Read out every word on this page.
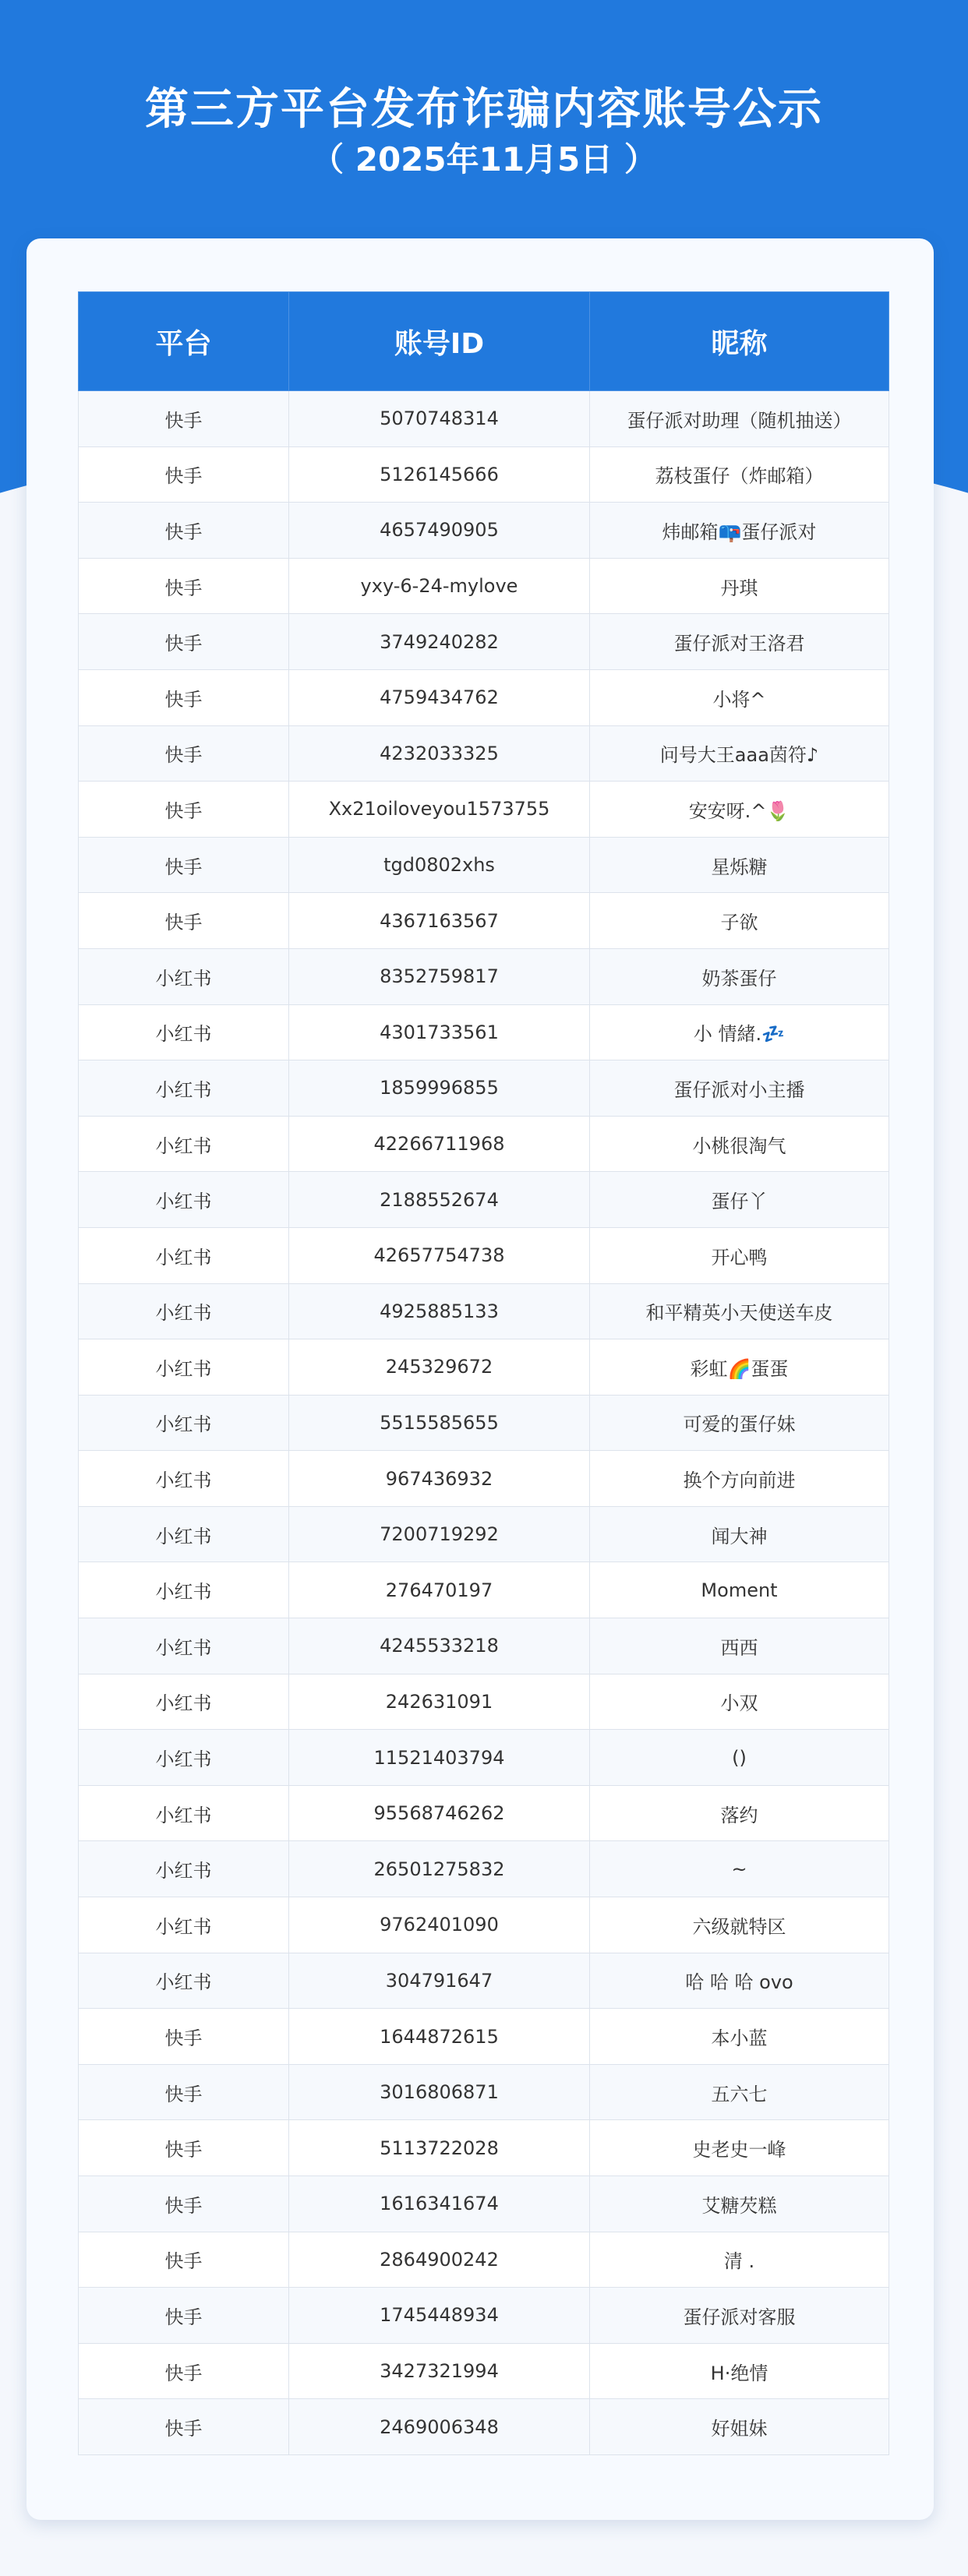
第三方平台发布诈骗内容账号公示
（ 2025年11月5日 ）
平台	账号ID	昵称
快手	5070748314	蛋仔派对助理（随机抽送）
快手	5126145666	荔枝蛋仔（炸邮箱）
快手	4657490905	炜邮箱📪蛋仔派对
快手	yxy-6-24-mylove	丹琪
快手	3749240282	蛋仔派对王洛君
快手	4759434762	小将^
快手	4232033325	问号大王aaa茵符♪
快手	Xx21oiloveyou1573755	安安呀.^🌷
快手	tgd0802xhs	星烁糖
快手	4367163567	子欲
小红书	8352759817	奶茶蛋仔
小红书	4301733561	小 情緒.💤
小红书	1859996855	蛋仔派对小主播
小红书	42266711968	小桃很淘气
小红书	2188552674	蛋仔丫
小红书	42657754738	开心鸭
小红书	4925885133	和平精英小天使送车皮
小红书	245329672	彩虹🌈蛋蛋
小红书	5515585655	可爱的蛋仔妹
小红书	967436932	换个方向前进
小红书	7200719292	闻大神
小红书	276470197	Moment
小红书	4245533218	西西
小红书	242631091	小双
小红书	11521403794	()
小红书	95568746262	落约
小红书	26501275832	~
小红书	9762401090	六级就特区
小红书	304791647	哈 哈 哈 ovo
快手	1644872615	本小蓝
快手	3016806871	五六七
快手	5113722028	史老史一峰
快手	1616341674	艾糖芡糕
快手	2864900242	清 .
快手	1745448934	蛋仔派对客服
快手	3427321994	H·绝情
快手	2469006348	好姐妹
